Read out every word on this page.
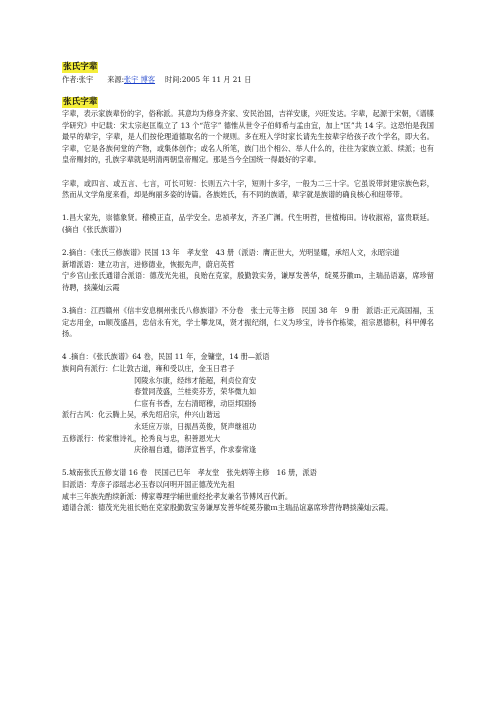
张氏字辈
作者:张宇 来源:张宇 博客 时间:2005 年 11 月 21 日
张氏字辈

字辈，表示家族辈份的字，俗称派。其意均为修身齐家、安民治国，吉祥安康，兴旺发达。字辈，起源于宋朝，《谱牒学研究》中记载：宋太宗赵匡胤立了 13 个“范字” 德惟从世令子伯师希与孟由宜，加上“匡”共 14 字。这恐怕是我国最早的辈字，字辈，是人们按伦理道德取名的一个规则。多在班入学时家长请先生按辈字给孩子改个学名，即大名。字辈，它是各族何堂的产物，或集体创作；或名人所笔，族门出个相公、举人什么的，往往为家族立派、续派；也有皇帝赐封的，孔族字辈就是明清两朝皇帝赐定。那是当今全国统一得最好的字辈。

字辈，或四言、或五言、七言，可长可短：长则五六十字，短则十多字，一般为二三十字。它虽说带封建宗族色彩，然而从文学角度来看，却是绚丽多姿的诗篇。各族姓氏，有不同的族谱，辈字就是族谱的确良核心和纽带带。

1.昌大家先，崇德象贤。稽模正直，品学安全。忠祯孝友，齐圣广渊。代生明哲，世植梅田。诗收淑裕，富贵联延。(摘自《张氏族谱》)

2.摘自：《张氏三修族谱》民国 13 年　孝友堂　43 册（派语：膺正世大，光明显耀，承绍人文，永昭宗道

新增派语：建立功言，迸修德业，恢振先声，蔚启英哲

宁乡官山张氏通谱合派语：德茂光先祖，良贻在克家，殷勤敦实务，谦厚发善华，绽冕芬徽ｍ，主瑞品语嘉，席珍留待聘，掞藻灿云霞

3.摘自：江西赣州《信丰安息桐州张氏八修族谱》不分卷　张士元等主修　民国 38 年　9 册　派语:正元高国福，玉定志用金，ｍ顺茂盛昌，忠信永有光，学士攀龙凤，贤才振纪纲，仁义为珍宝，诗书作栋梁，祖宗恩德积，科甲傅名扬。

4 .摘自：《张氏族谱》64 卷，民国 11 年，金镛堂，14 册—派语
族间尚有派行：仁让敦古道，雍和受以庄，金玉日君子
冈陵永尔康，经纬才能超，利贞位育安
春萱同茂盛，兰桂奕芬芳，荣华微九如
仁宦有书香，左右清昭穆，动臣邦国扬
派行古风：化云腾上吴，承先绍启宗，仲兴山谐远
永廷应万崇，日振昌英俊，贤声继祖功
五修派行：传家惟诗礼，抡秀良与忠，积善恩光大
庆徐福自通，德泽宣皆孚，作求泰常逢
5.城南张氏五修支谱 16 卷　民国己巳年　孝友堂　张先炳等主修　16 册，派语

旧派语：寿彦子添瑶志必玉春以问明开国正德茂光先祖

咸丰三年族先酌续新派：傅家尊理学辅世重经抡孝友兼名节傅风百代新。

通谱合派：德茂光先祖长贻在克家殷勤敦宝务谦厚发善华绽冕芬徽ｍ主瑞品谊嘉席珍营待聘掞藻灿云霞。
